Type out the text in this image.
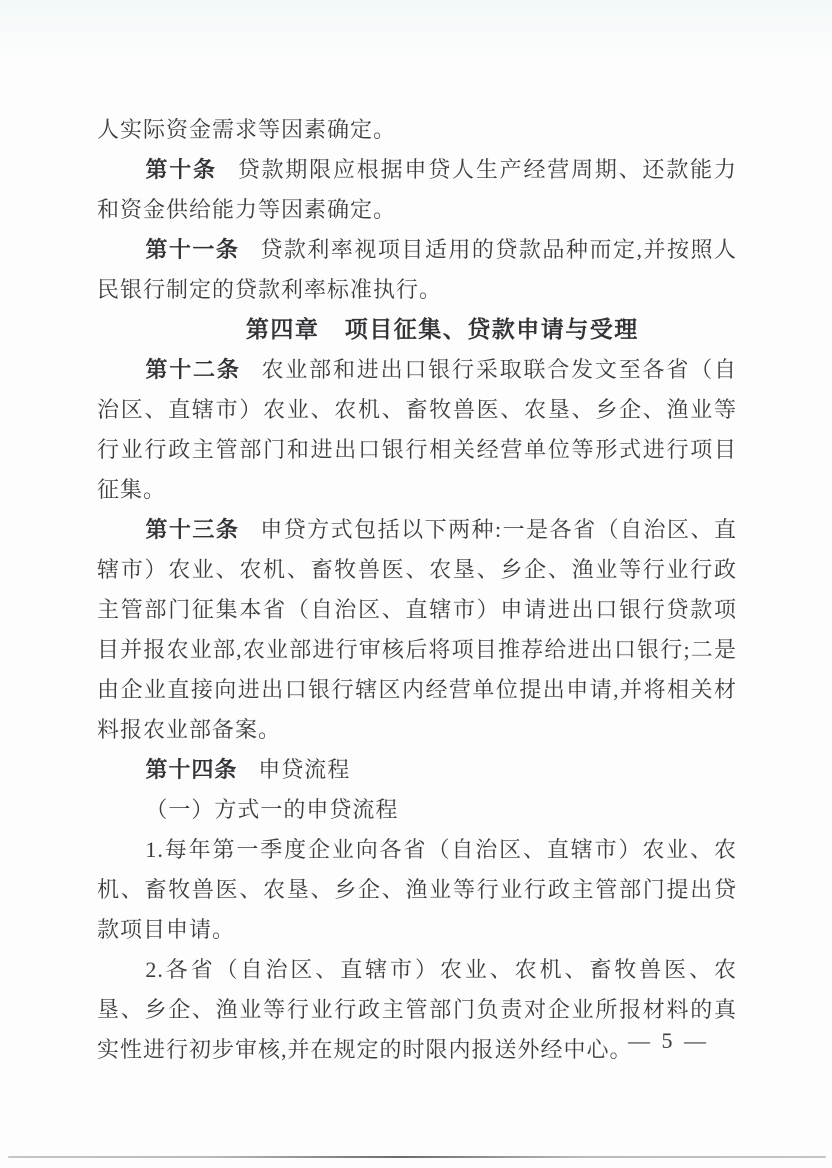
人实际资金需求等因素确定。

第十条 贷款期限应根据申贷人生产经营周期、还款能力和资金供给能力等因素确定。

第十一条 贷款利率视项目适用的贷款品种而定,并按照人民银行制定的贷款利率标准执行。

第四章 项目征集、贷款申请与受理

第十二条 农业部和进出口银行采取联合发文至各省（自治区、直辖市）农业、农机、畜牧兽医、农垦、乡企、渔业等行业行政主管部门和进出口银行相关经营单位等形式进行项目征集。

第十三条 申贷方式包括以下两种:一是各省（自治区、直辖市）农业、农机、畜牧兽医、农垦、乡企、渔业等行业行政主管部门征集本省（自治区、直辖市）申请进出口银行贷款项目并报农业部,农业部进行审核后将项目推荐给进出口银行;二是由企业直接向进出口银行辖区内经营单位提出申请,并将相关材料报农业部备案。

第十四条 申贷流程

（一）方式一的申贷流程

1.每年第一季度企业向各省（自治区、直辖市）农业、农机、畜牧兽医、农垦、乡企、渔业等行业行政主管部门提出贷款项目申请。

2.各省（自治区、直辖市）农业、农机、畜牧兽医、农垦、乡企、渔业等行业行政主管部门负责对企业所报材料的真实性进行初步审核,并在规定的时限内报送外经中心。

— 5 —
